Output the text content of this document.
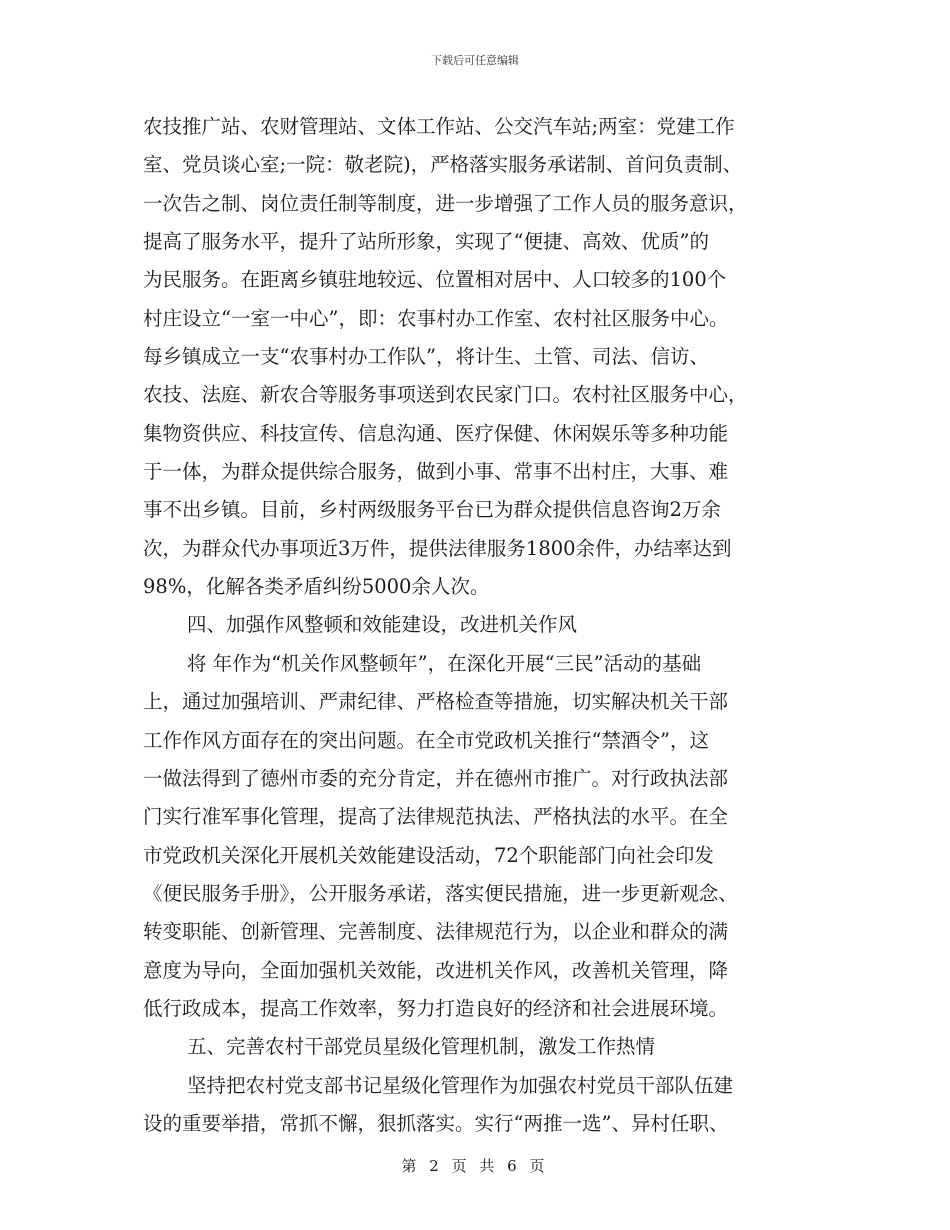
下载后可任意编辑
农技推广站、农财管理站、文体工作站、公交汽车站;两室：党建工作
室、党员谈心室;一院：敬老院)，严格落实服务承诺制、首问负责制、
一次告之制、岗位责任制等制度，进一步增强了工作人员的服务意识，
提高了服务水平，提升了站所形象，实现了“便捷、高效、优质”的
为民服务。在距离乡镇驻地较远、位置相对居中、人口较多的100个
村庄设立“一室一中心”，即：农事村办工作室、农村社区服务中心。
每乡镇成立一支“农事村办工作队”，将计生、土管、司法、信访、
农技、法庭、新农合等服务事项送到农民家门口。农村社区服务中心，
集物资供应、科技宣传、信息沟通、医疗保健、休闲娱乐等多种功能
于一体，为群众提供综合服务，做到小事、常事不出村庄，大事、难
事不出乡镇。目前，乡村两级服务平台已为群众提供信息咨询2万余
次，为群众代办事项近3万件，提供法律服务1800余件，办结率达到
98%，化解各类矛盾纠纷5000余人次。
四、加强作风整顿和效能建设，改进机关作风
将 年作为“机关作风整顿年”，在深化开展“三民”活动的基础
上，通过加强培训、严肃纪律、严格检查等措施，切实解决机关干部
工作作风方面存在的突出问题。在全市党政机关推行“禁酒令”，这
一做法得到了德州市委的充分肯定，并在德州市推广。对行政执法部
门实行准军事化管理，提高了法律规范执法、严格执法的水平。在全
市党政机关深化开展机关效能建设活动，72个职能部门向社会印发
《便民服务手册》，公开服务承诺，落实便民措施，进一步更新观念、
转变职能、创新管理、完善制度、法律规范行为，以企业和群众的满
意度为导向，全面加强机关效能，改进机关作风，改善机关管理，降
低行政成本，提高工作效率，努力打造良好的经济和社会进展环境。
五、完善农村干部党员星级化管理机制，激发工作热情
坚持把农村党支部书记星级化管理作为加强农村党员干部队伍建
设的重要举措，常抓不懈，狠抓落实。实行“两推一选”、异村任职、
第 2 页 共 6 页
